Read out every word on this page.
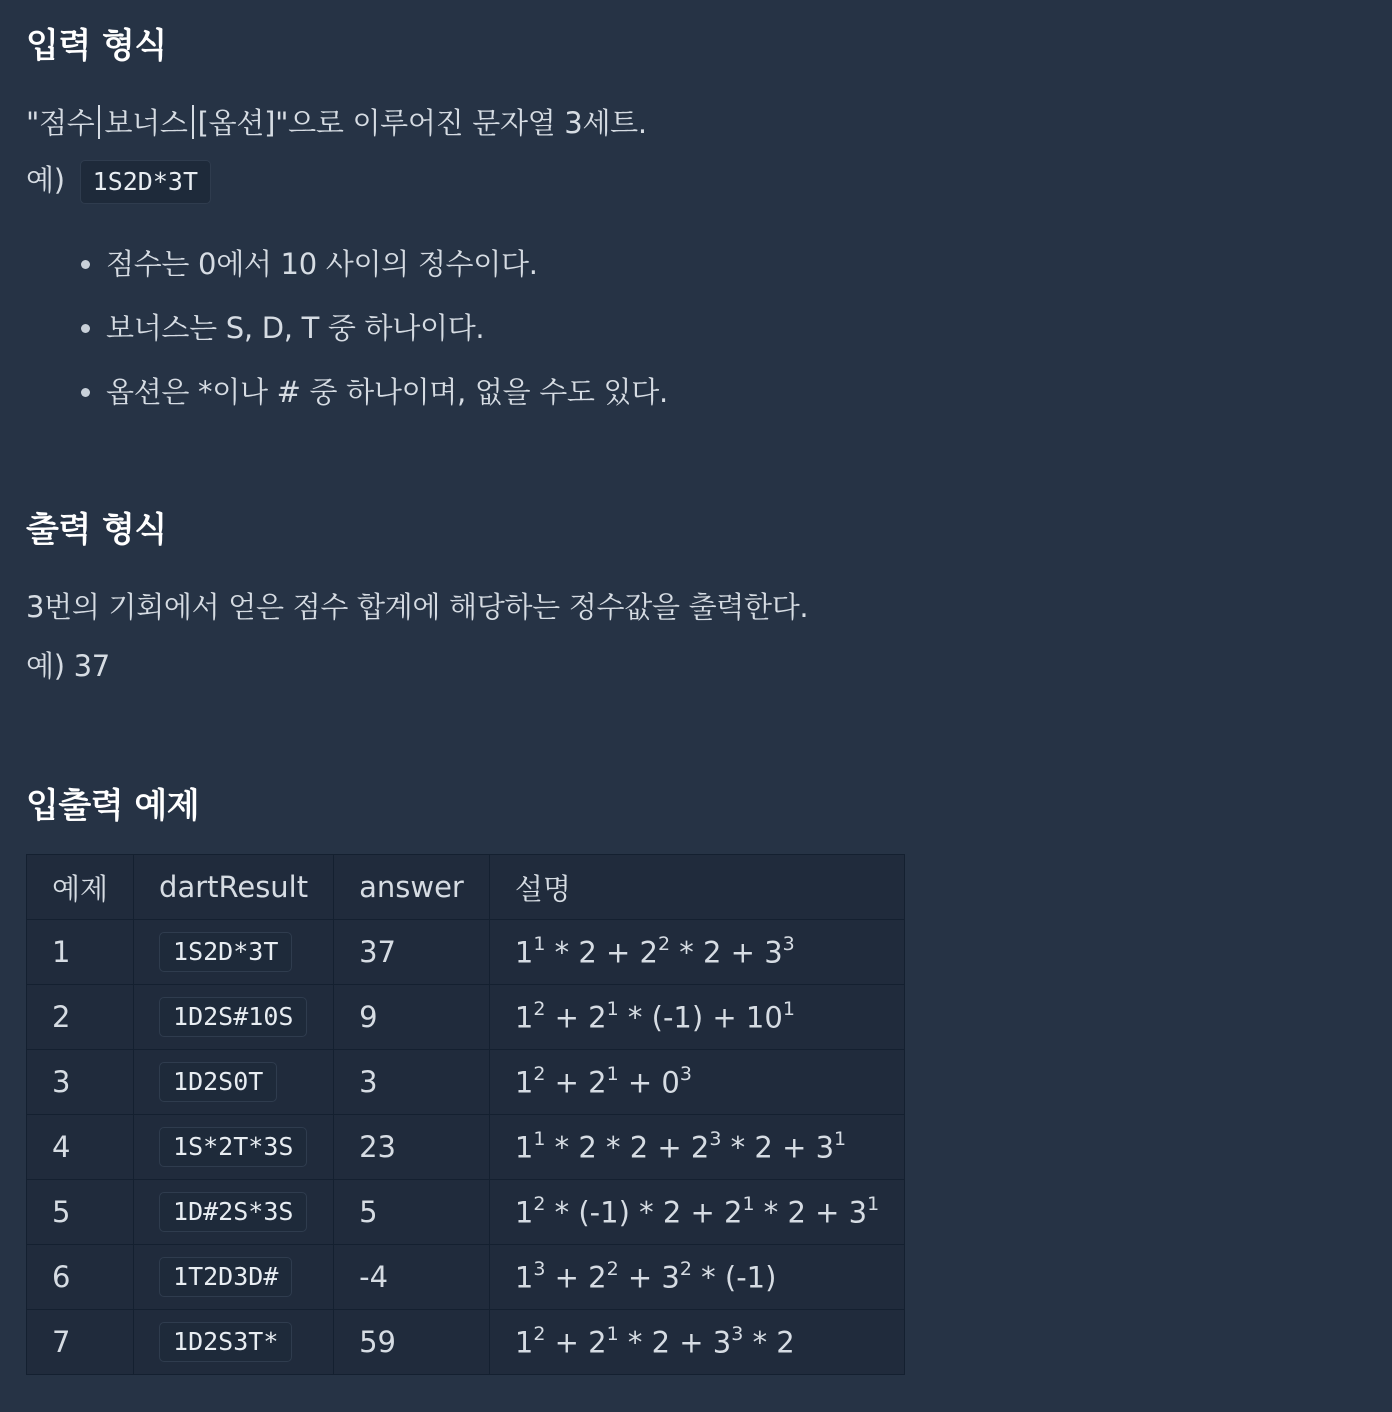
입력 형식

"점수 보너스 [옵션]"으로 이루어진 문자열 3세트.

예) 1S2D*3T

점수는 0에서 10 사이의 정수이다.
보너스는 S, D, T 중 하나이다.
옵션은 *이나 # 중 하나이며, 없을 수도 있다.
출력 형식

3번의 기회에서 얻은 점수 합계에 해당하는 정수값을 출력한다.

예) 37

입출력 예제
예제	dartResult	answer	설명
1	1S2D*3T	37	$1^1 * 2 + 2^2 * 2 + 3^3$
2	1D2S#10S	9	$1^2 + 2^1 * (-1) + 10^1$
3	1D2S0T	3	$1^2 + 2^1 + 0^3$
4	1S*2T*3S	23	$1^1 * 2 * 2 + 2^3 * 2 + 3^1$
5	1D#2S*3S	5	$1^2 * (-1) * 2 + 2^1 * 2 + 3^1$
6	1T2D3D#	-4	$1^3 + 2^2 + 3^2 * (-1)$
7	1D2S3T*	59	$1^2 + 2^1 * 2 + 3^3 * 2$
